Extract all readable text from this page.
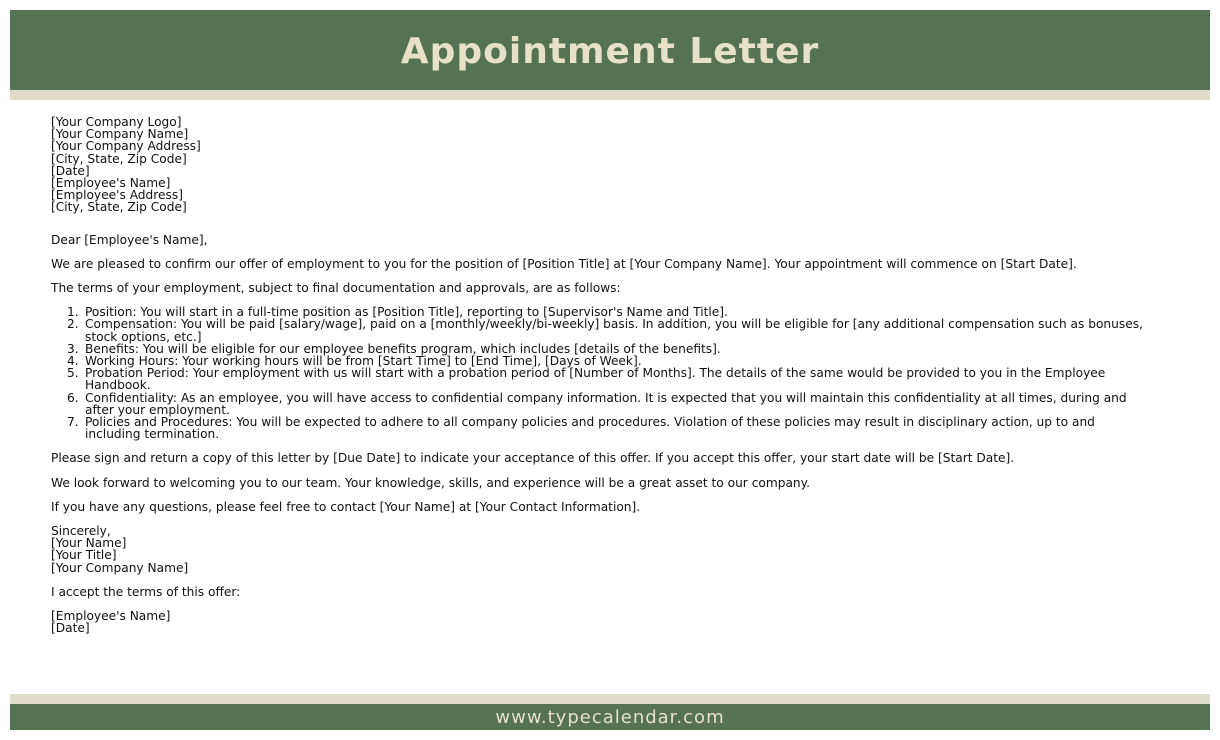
Appointment Letter
[Your Company Logo]
[Your Company Name]
[Your Company Address]
[City, State, Zip Code]
[Date]
[Employee's Name]
[Employee's Address]
[City, State, Zip Code]

Dear [Employee's Name],

We are pleased to confirm our offer of employment to you for the position of [Position Title] at [Your Company Name]. Your appointment will commence on [Start Date].

The terms of your employment, subject to final documentation and approvals, are as follows:

Position: You will start in a full-time position as [Position Title], reporting to [Supervisor's Name and Title].
Compensation: You will be paid [salary/wage], paid on a [monthly/weekly/bi-weekly] basis. In addition, you will be eligible for [any additional compensation such as bonuses, stock options, etc.]
Benefits: You will be eligible for our employee benefits program, which includes [details of the benefits].
Working Hours: Your working hours will be from [Start Time] to [End Time], [Days of Week].
Probation Period: Your employment with us will start with a probation period of [Number of Months]. The details of the same would be provided to you in the Employee Handbook.
Confidentiality: As an employee, you will have access to confidential company information. It is expected that you will maintain this confidentiality at all times, during and after your employment.
Policies and Procedures: You will be expected to adhere to all company policies and procedures. Violation of these policies may result in disciplinary action, up to and including termination.

Please sign and return a copy of this letter by [Due Date] to indicate your acceptance of this offer. If you accept this offer, your start date will be [Start Date].

We look forward to welcoming you to our team. Your knowledge, skills, and experience will be a great asset to our company.

If you have any questions, please feel free to contact [Your Name] at [Your Contact Information].

Sincerely,
[Your Name]
[Your Title]
[Your Company Name]

I accept the terms of this offer:

[Employee's Name]
[Date]
www.typecalendar.com
